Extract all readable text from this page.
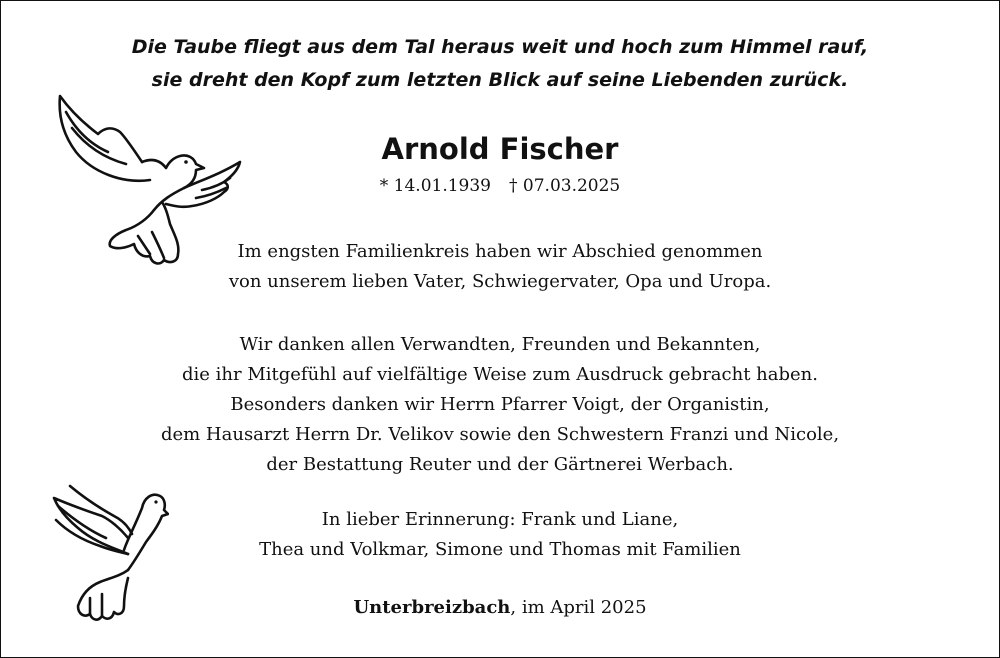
Die Taube fliegt aus dem Tal heraus weit und hoch zum Himmel rauf,
sie dreht den Kopf zum letzten Blick auf seine Liebenden zurück.
Arnold Fischer
* 14.01.1939 † 07.03.2025
Im engsten Familienkreis haben wir Abschied genommen
von unserem lieben Vater, Schwiegervater, Opa und Uropa.
Wir danken allen Verwandten, Freunden und Bekannten,
die ihr Mitgefühl auf vielfältige Weise zum Ausdruck gebracht haben.
Besonders danken wir Herrn Pfarrer Voigt, der Organistin,
dem Hausarzt Herrn Dr. Velikov sowie den Schwestern Franzi und Nicole,
der Bestattung Reuter und der Gärtnerei Werbach.
In lieber Erinnerung: Frank und Liane,
Thea und Volkmar, Simone und Thomas mit Familien
Unterbreizbach, im April 2025
